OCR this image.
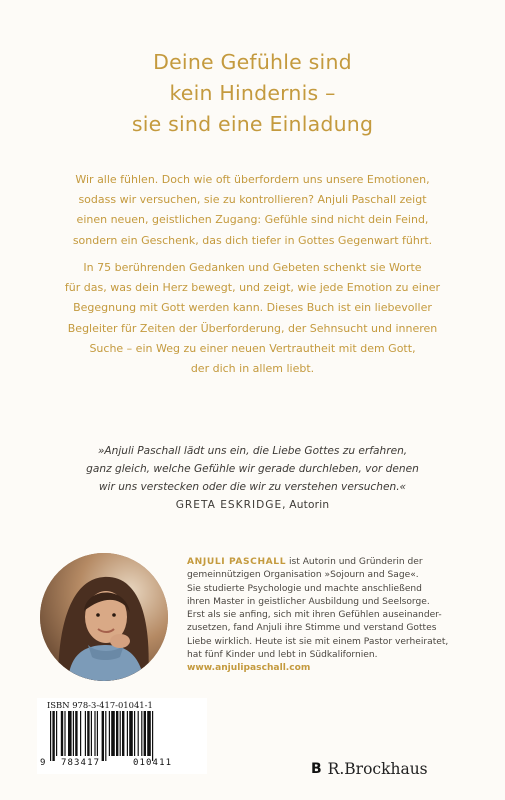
Deine Gefühle sind
kein Hindernis –
sie sind eine Einladung
Wir alle fühlen. Doch wie oft überfordern uns unsere Emotionen,
sodass wir versuchen, sie zu kontrollieren? Anjuli Paschall zeigt
einen neuen, geistlichen Zugang: Gefühle sind nicht dein Feind,
sondern ein Geschenk, das dich tiefer in Gottes Gegenwart führt.
In 75 berührenden Gedanken und Gebeten schenkt sie Worte
für das, was dein Herz bewegt, und zeigt, wie jede Emotion zu einer
Begegnung mit Gott werden kann. Dieses Buch ist ein liebevoller
Begleiter für Zeiten der Überforderung, der Sehnsucht und inneren
Suche – ein Weg zu einer neuen Vertrautheit mit dem Gott,
der dich in allem liebt.
»Anjuli Paschall lädt uns ein, die Liebe Gottes zu erfahren,
ganz gleich, welche Gefühle wir gerade durchleben, vor denen
wir uns verstecken oder die wir zu verstehen versuchen.«
GRETA ESKRIDGE, Autorin
ANJULI PASCHALL ist Autorin und Gründerin der
gemeinnützigen Organisation »Sojourn and Sage«.
Sie studierte Psychologie und machte anschließend
ihren Master in geistlicher Ausbildung und Seelsorge.
Erst als sie anfing, sich mit ihren Gefühlen auseinander-
zusetzen, fand Anjuli ihre Stimme und verstand Gottes
Liebe wirklich. Heute ist sie mit einem Pastor verheiratet,
hat fünf Kinder und lebt in Südkalifornien.
www.anjulipaschall.com
ISBN 978-3-417-01041-1
9 783417	010411	B R.Brockhaus
